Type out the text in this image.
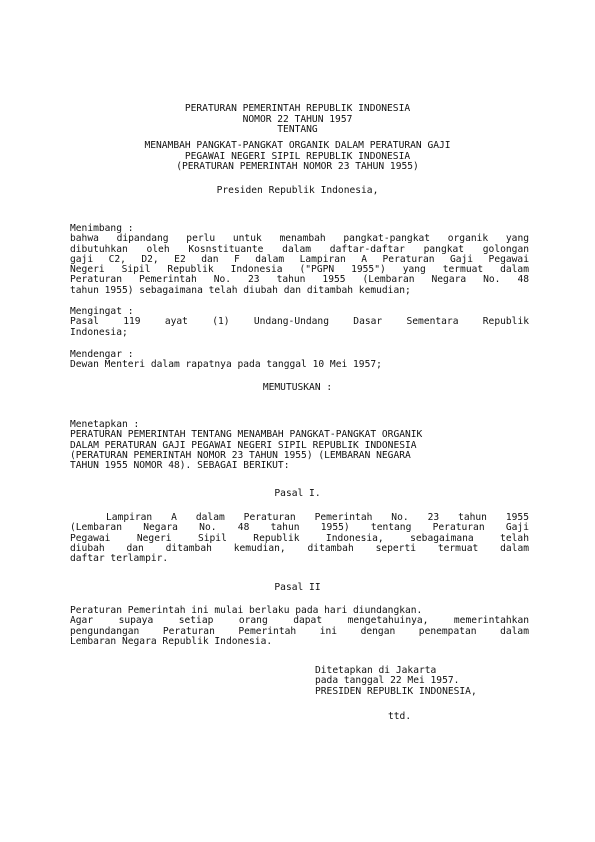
PERATURAN PEMERINTAH REPUBLIK INDONESIA
NOMOR 22 TAHUN 1957
TENTANG
MENAMBAH PANGKAT-PANGKAT ORGANIK DALAM PERATURAN GAJI
PEGAWAI NEGERI SIPIL REPUBLIK INDONESIA
(PERATURAN PEMERINTAH NOMOR 23 TAHUN 1955)
Presiden Republik Indonesia,
Menimbang :
bahwa dipandang perlu untuk menambah pangkat-pangkat organik yang
dibutuhkan oleh Kosnstituante dalam daftar-daftar pangkat golongan
gaji C2, D2, E2 dan F dalam Lampiran A Peraturan Gaji Pegawai
Negeri Sipil Republik Indonesia ("PGPN 1955") yang termuat dalam
Peraturan Pemerintah No. 23 tahun 1955 (Lembaran Negara No. 48
tahun 1955) sebagaimana telah diubah dan ditambah kemudian;
Mengingat :
Pasal 119 ayat (1) Undang-Undang Dasar Sementara Republik
Indonesia;
Mendengar :
Dewan Menteri dalam rapatnya pada tanggal 10 Mei 1957;
MEMUTUSKAN :
Menetapkan :
PERATURAN PEMERINTAH TENTANG MENAMBAH PANGKAT-PANGKAT ORGANIK
DALAM PERATURAN GAJI PEGAWAI NEGERI SIPIL REPUBLIK INDONESIA
(PERATURAN PEMERINTAH NOMOR 23 TAHUN 1955) (LEMBARAN NEGARA
TAHUN 1955 NOMOR 48). SEBAGAI BERIKUT:
Pasal I.
Lampiran A dalam Peraturan Pemerintah No. 23 tahun 1955
(Lembaran Negara No. 48 tahun 1955) tentang Peraturan Gaji
Pegawai Negeri Sipil Republik Indonesia, sebagaimana telah
diubah dan ditambah kemudian, ditambah seperti termuat dalam
daftar terlampir.
Pasal II
Peraturan Pemerintah ini mulai berlaku pada hari diundangkan.
Agar supaya setiap orang dapat mengetahuinya, memerintahkan
pengundangan Peraturan Pemerintah ini dengan penempatan dalam
Lembaran Negara Republik Indonesia.
Ditetapkan di Jakarta
pada tanggal 22 Mei 1957.
PRESIDEN REPUBLIK INDONESIA,
ttd.
